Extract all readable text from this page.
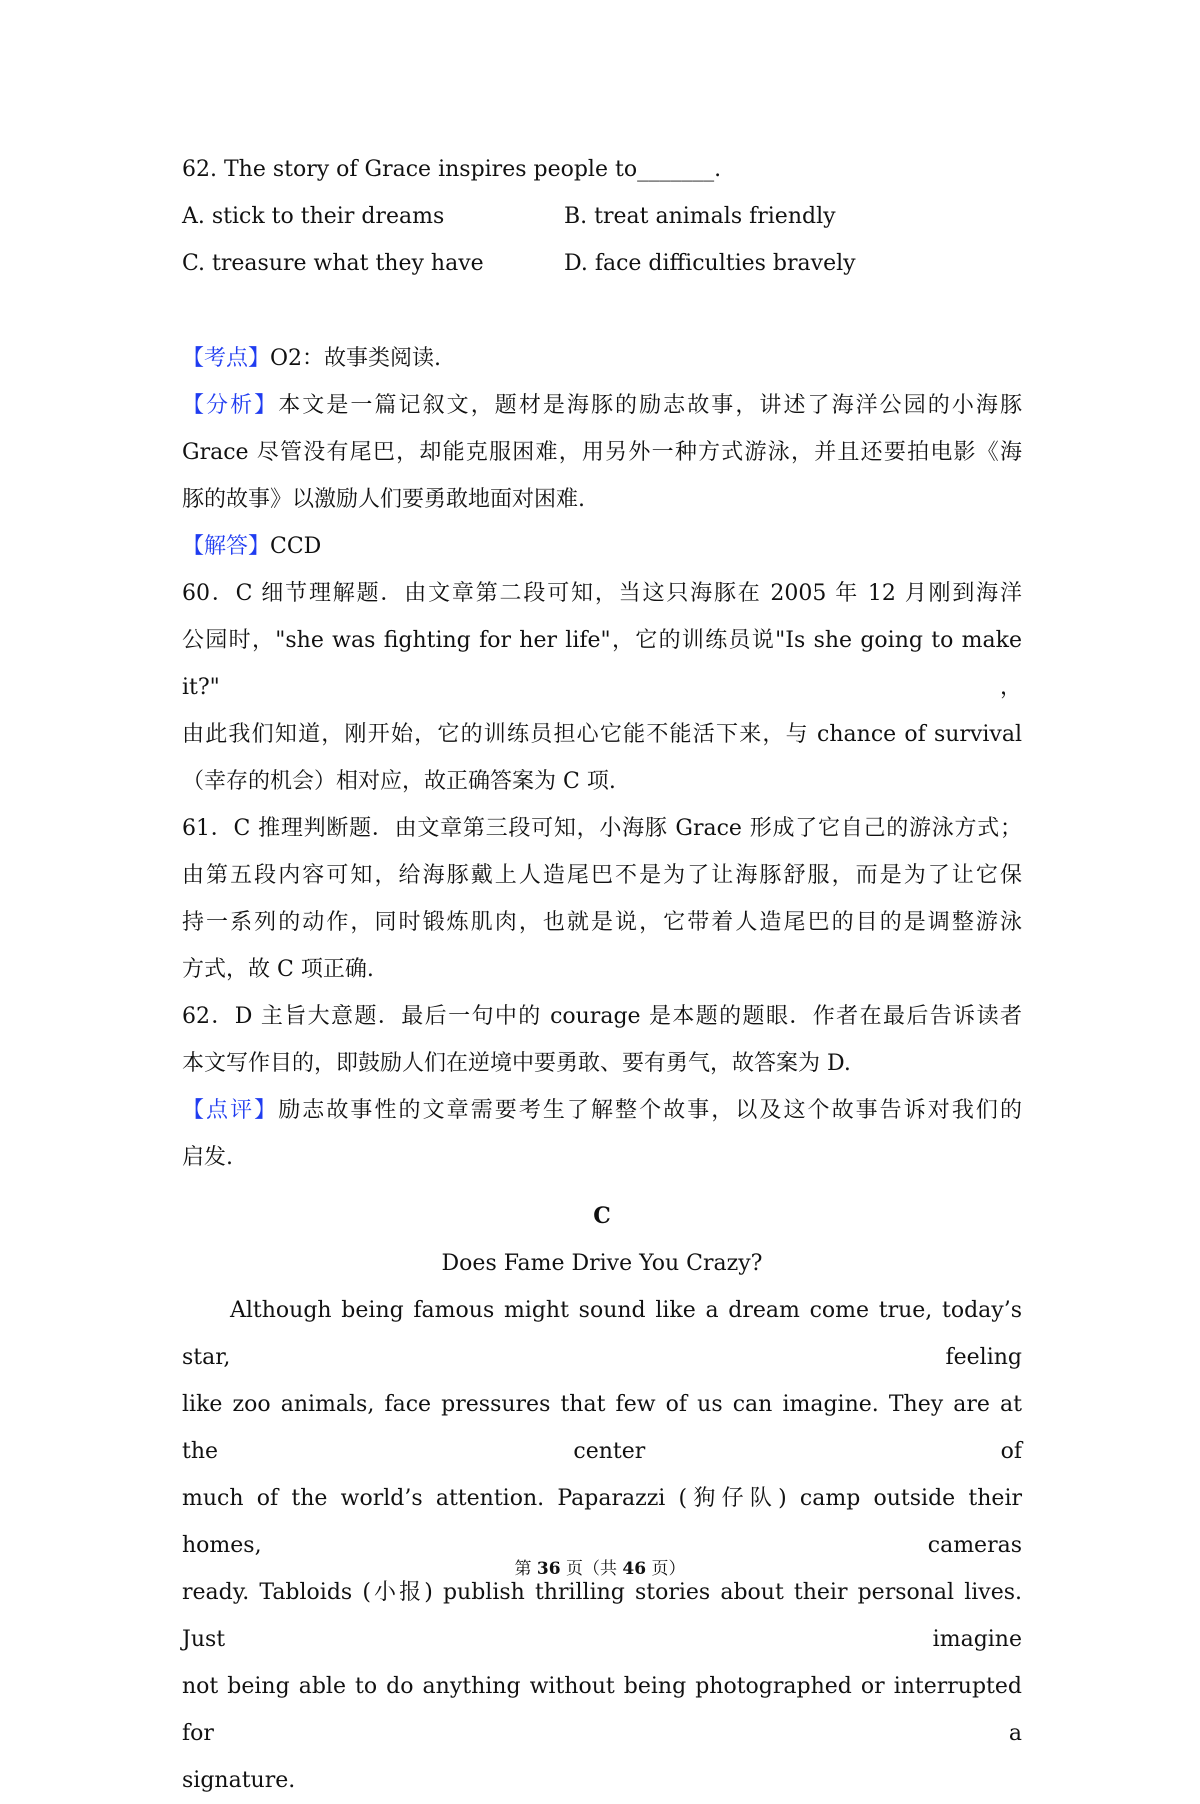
62. The story of Grace inspires people to_______.
A. stick to their dreams	B. treat animals friendly
C. treasure what they have	D. face difficulties bravely
【考点】O2：故事类阅读.
【分析】本文是一篇记叙文，题材是海豚的励志故事，讲述了海洋公园的小海豚
Grace 尽管没有尾巴，却能克服困难，用另外一种方式游泳，并且还要拍电影《海
豚的故事》以激励人们要勇敢地面对困难.
【解答】CCD
60．C 细节理解题．由文章第二段可知，当这只海豚在 2005 年 12 月刚到海洋
公园时，"she was fighting for her life"，它的训练员说"Is she going to make it?"，
由此我们知道，刚开始，它的训练员担心它能不能活下来，与 chance of survival
（幸存的机会）相对应，故正确答案为 C 项.
61．C 推理判断题．由文章第三段可知，小海豚 Grace 形成了它自己的游泳方式；
由第五段内容可知，给海豚戴上人造尾巴不是为了让海豚舒服，而是为了让它保
持一系列的动作，同时锻炼肌肉，也就是说，它带着人造尾巴的目的是调整游泳
方式，故 C 项正确.
62．D 主旨大意题．最后一句中的 courage 是本题的题眼．作者在最后告诉读者
本文写作目的，即鼓励人们在逆境中要勇敢、要有勇气，故答案为 D.
【点评】励志故事性的文章需要考生了解整个故事，以及这个故事告诉对我们的
启发.
C
Does Fame Drive You Crazy?
Although being famous might sound like a dream come true, today’s star, feeling
like zoo animals, face pressures that few of us can imagine. They are at the center of
much of the world’s attention. Paparazzi (狗仔队) camp outside their homes, cameras
ready. Tabloids (小报) publish thrilling stories about their personal lives. Just imagine
not being able to do anything without being photographed or interrupted for a
signature.
第 36 页（共 46 页）
